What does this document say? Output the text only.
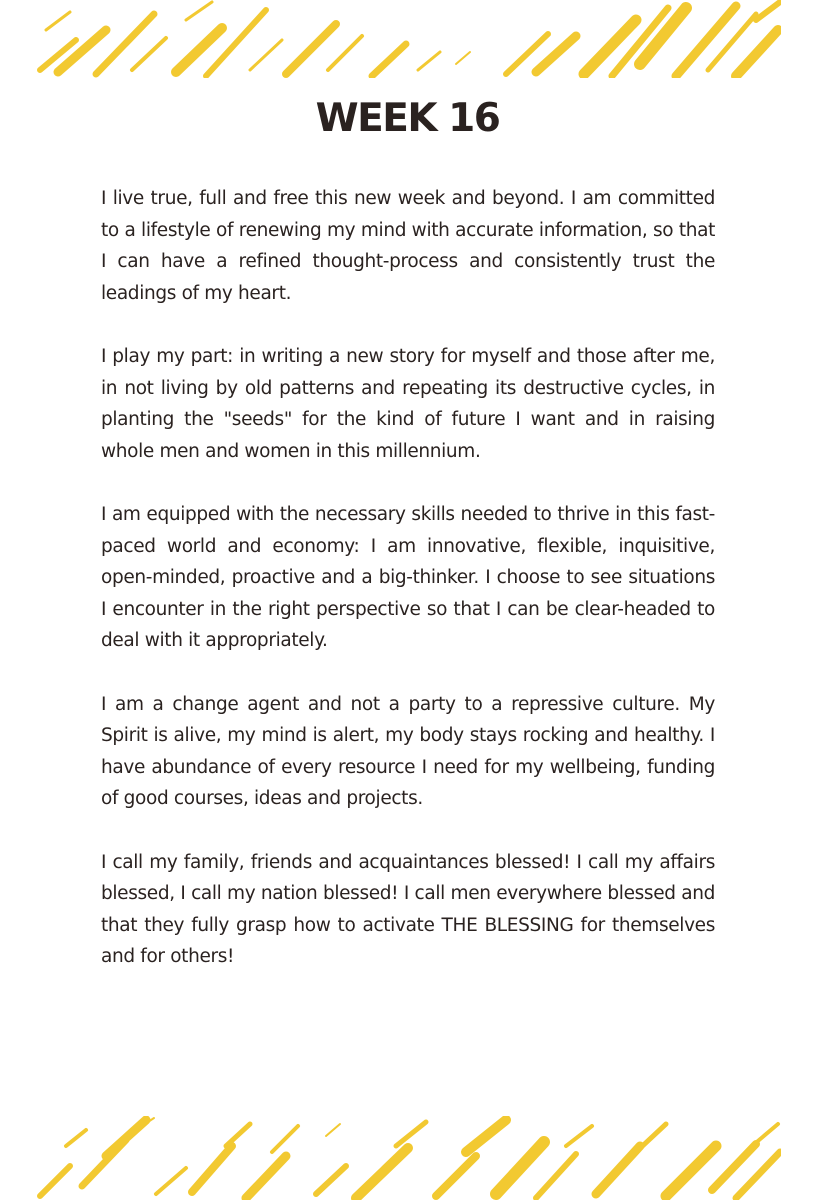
WEEK 16

I live true, full and free this new week and beyond. I am committed to a lifestyle of renewing my mind with accurate information, so that I can have a refined thought-process and consistently trust the leadings of my heart.

I play my part: in writing a new story for myself and those after me, in not living by old patterns and repeating its destructive cycles, in planting the "seeds" for the kind of future I want and in raising whole men and women in this millennium.

I am equipped with the necessary skills needed to thrive in this fast-paced world and economy: I am innovative, flexible, inquisitive, open-minded, proactive and a big-thinker. I choose to see situations I encounter in the right perspective so that I can be clear-headed to deal with it appropriately.

I am a change agent and not a party to a repressive culture. My Spirit is alive, my mind is alert, my body stays rocking and healthy. I have abundance of every resource I need for my wellbeing, funding of good courses, ideas and projects.

I call my family, friends and acquaintances blessed! I call my affairs blessed, I call my nation blessed! I call men everywhere blessed and that they fully grasp how to activate THE BLESSING for themselves and for others!
